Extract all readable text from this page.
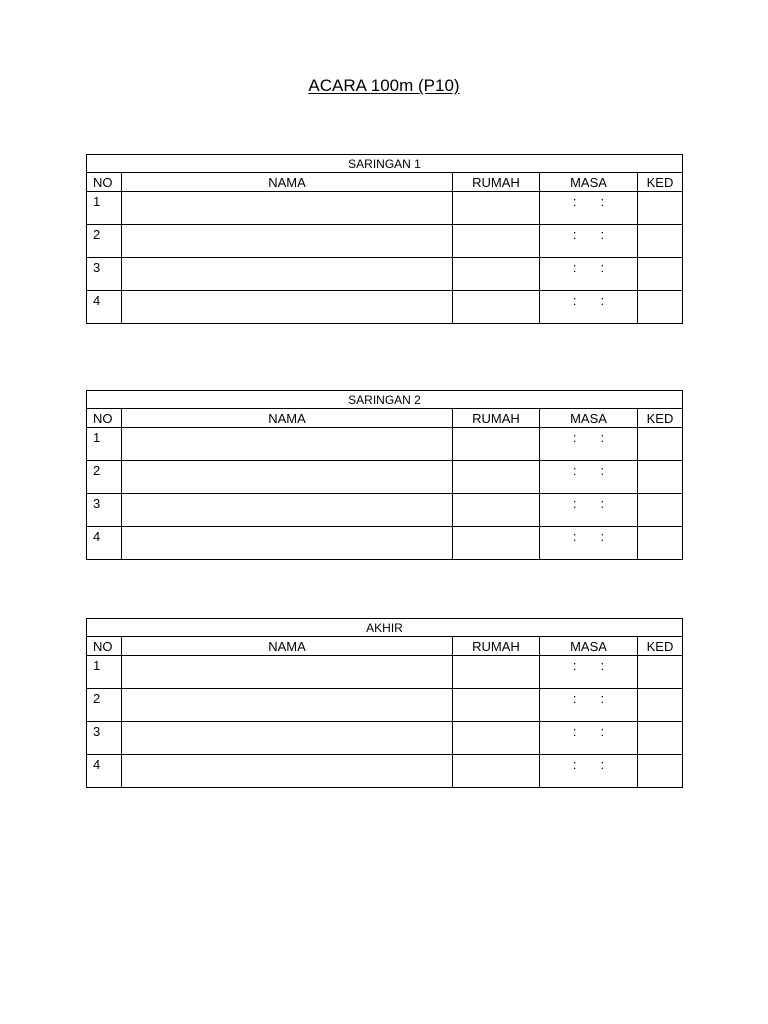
ACARA 100m (P10)
SARINGAN 1				
NO	NAMA	RUMAH	MASA	KED
1			: :	
2			: :	
3			: :	
4			: :	
SARINGAN 2				
NO	NAMA	RUMAH	MASA	KED
1			: :	
2			: :	
3			: :	
4			: :	
AKHIR				
NO	NAMA	RUMAH	MASA	KED
1			: :	
2			: :	
3			: :	
4			: :	
